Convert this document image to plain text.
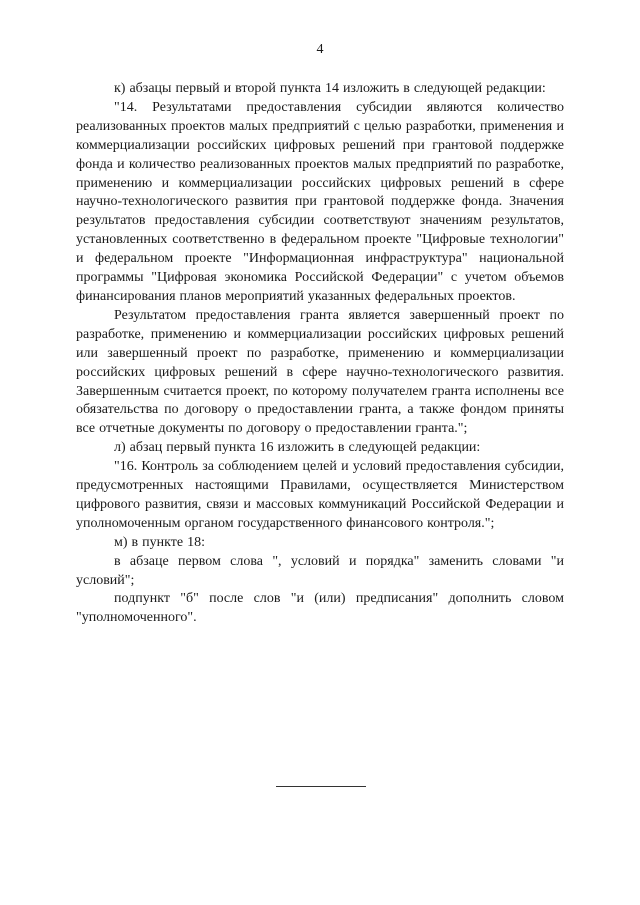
4

к) абзацы первый и второй пункта 14 изложить в следующей редакции:

"14. Результатами предоставления субсидии являются количество реализованных проектов малых предприятий с целью разработки, применения и коммерциализации российских цифровых решений при грантовой поддержке фонда и количество реализованных проектов малых предприятий по разработке, применению и коммерциализации российских цифровых решений в сфере научно-технологического развития при грантовой поддержке фонда. Значения результатов предоставления субсидии соответствуют значениям результатов, установленных соответственно в федеральном проекте "Цифровые технологии" и федеральном проекте "Информационная инфраструктура" национальной программы "Цифровая экономика Российской Федерации" с учетом объемов финансирования планов мероприятий указанных федеральных проектов.

Результатом предоставления гранта является завершенный проект по разработке, применению и коммерциализации российских цифровых решений или завершенный проект по разработке, применению и коммерциализации российских цифровых решений в сфере научно-технологического развития. Завершенным считается проект, по которому получателем гранта исполнены все обязательства по договору о предоставлении гранта, а также фондом приняты все отчетные документы по договору о предоставлении гранта.";

л) абзац первый пункта 16 изложить в следующей редакции:

"16. Контроль за соблюдением целей и условий предоставления субсидии, предусмотренных настоящими Правилами, осуществляется Министерством цифрового развития, связи и массовых коммуникаций Российской Федерации и уполномоченным органом государственного финансового контроля.";

м) в пункте 18:

в абзаце первом слова ", условий и порядка" заменить словами "и условий";

подпункт "б" после слов "и (или) предписания" дополнить словом "уполномоченного".
